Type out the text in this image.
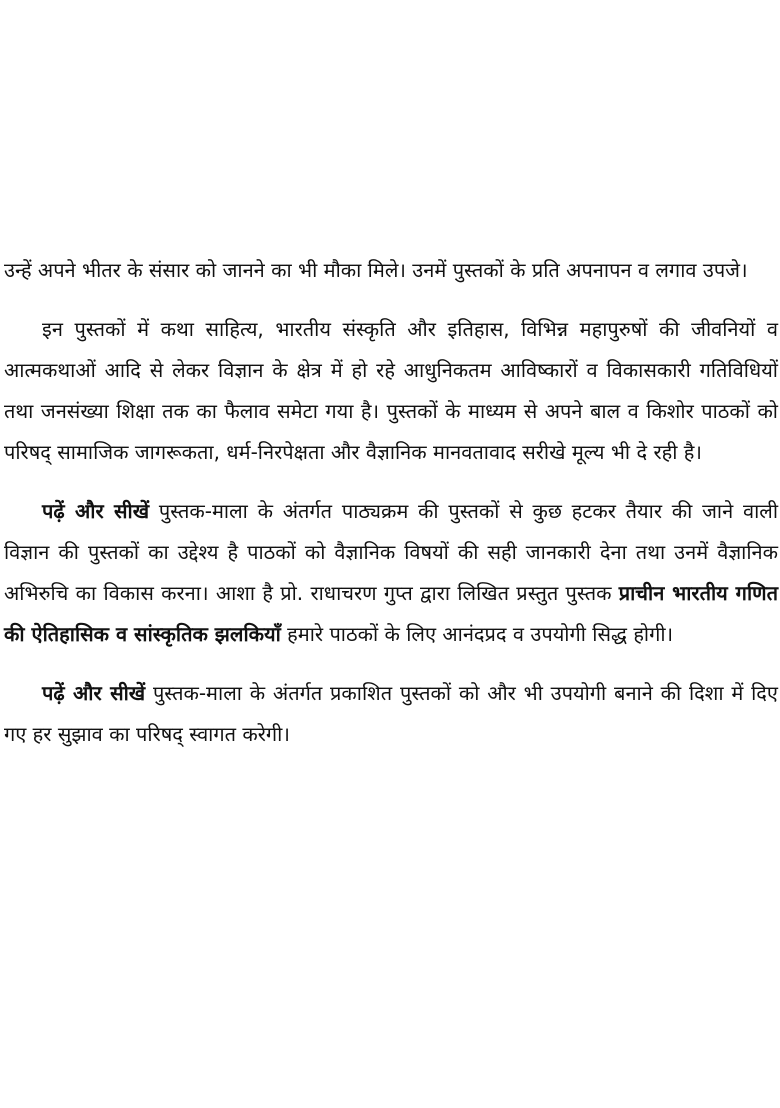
उन्हें अपने भीतर के संसार को जानने का भी मौका मिले। उनमें पुस्तकों के प्रति अपनापन व लगाव उपजे।

इन पुस्तकों में कथा साहित्य, भारतीय संस्कृति और इतिहास, विभिन्न महापुरुषों की जीवनियों व आत्मकथाओं आदि से लेकर विज्ञान के क्षेत्र में हो रहे आधुनिकतम आविष्कारों व विकासकारी गतिविधियों तथा जनसंख्या शिक्षा तक का फैलाव समेटा गया है। पुस्तकों के माध्यम से अपने बाल व किशोर पाठकों को परिषद् सामाजिक जागरूकता, धर्म-निरपेक्षता और वैज्ञानिक मानवतावाद सरीखे मूल्य भी दे रही है।

पढ़ें और सीखें पुस्तक-माला के अंतर्गत पाठ्यक्रम की पुस्तकों से कुछ हटकर तैयार की जाने वाली विज्ञान की पुस्तकों का उद्देश्य है पाठकों को वैज्ञानिक विषयों की सही जानकारी देना तथा उनमें वैज्ञानिक अभिरुचि का विकास करना। आशा है प्रो. राधाचरण गुप्त द्वारा लिखित प्रस्तुत पुस्तक प्राचीन भारतीय गणित की ऐतिहासिक व सांस्कृतिक झलकियाँ हमारे पाठकों के लिए आनंदप्रद व उपयोगी सिद्ध होगी।

पढ़ें और सीखें पुस्तक-माला के अंतर्गत प्रकाशित पुस्तकों को और भी उपयोगी बनाने की दिशा में दिए गए हर सुझाव का परिषद् स्वागत करेगी।
